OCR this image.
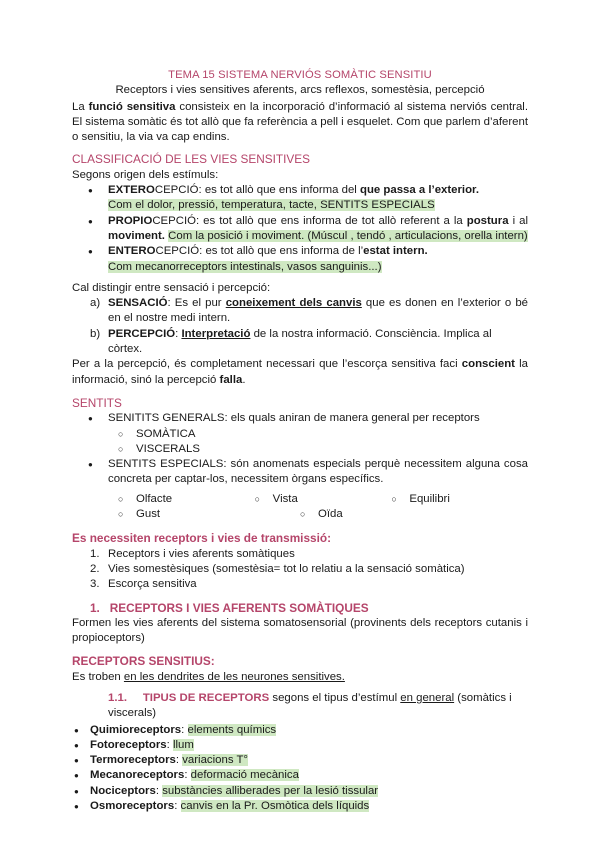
TEMA 15 SISTEMA NERVIÓS SOMÀTIC SENSITIU
Receptors i vies sensitives aferents, arcs reflexos, somestèsia, percepció
La funció sensitiva consisteix en la incorporació d’informació al sistema nerviós central. El sistema somàtic és tot allò que fa referència a pell i esquelet. Com que parlem d’aferent o sensitiu, la via va cap endins.
CLASSIFICACIÓ DE LES VIES SENSITIVES
Segons origen dels estímuls:
● EXTEROCEPCIÓ: es tot allò que ens informa del que passa a l’exterior.
Com el dolor, pressió, temperatura, tacte, SENTITS ESPECIALS
● PROPIOCEPCIÓ: es tot allò que ens informa de tot allò referent a la postura i al moviment. Com la posició i moviment. (Múscul , tendó , articulacions, orella intern)
● ENTEROCEPCIÓ: es tot allò que ens informa de l’estat intern.
Com mecanorreceptors intestinals, vasos sanguinis...)
Cal distingir entre sensació i percepció:
a) SENSACIÓ: Es el pur coneixement dels canvis que es donen en l’exterior o bé en el nostre medi intern.
b) PERCEPCIÓ: Interpretació de la nostra informació. Consciència. Implica al còrtex.
Per a la percepció, és completament necessari que l’escorça sensitiva faci conscient la informació, sinó la percepció falla.
SENTITS
● SENITITS GENERALS: els quals aniran de manera general per receptors
○ SOMÀTICA
○ VISCERALS
● SENTITS ESPECIALS: són anomenats especials perquè necessitem alguna cosa concreta per captar-los, necessitem òrgans específics.
○ Olfacte	○ Vista	○ Equilibri
○ Gust	○ Oïda
Es necessiten receptors i vies de transmissió:
1. Receptors i vies aferents somàtiques
2. Vies somestèsiques (somestèsia= tot lo relatiu a la sensació somàtica)
3. Escorça sensitiva
1. RECEPTORS I VIES AFERENTS SOMÀTIQUES
Formen les vies aferents del sistema somatosensorial (provinents dels receptors cutanis i propioceptors)
RECEPTORS SENSITIUS:
Es troben en les dendrites de les neurones sensitives.
1.1. TIPUS DE RECEPTORS segons el tipus d’estímul en general (somàtics i viscerals)
● Quimioreceptors: elements químics
● Fotoreceptors: llum
● Termoreceptors: variacions T°
● Mecanoreceptors: deformació mecànica
● Nociceptors: substàncies alliberades per la lesió tissular
● Osmoreceptors: canvis en la Pr. Osmòtica dels líquids
